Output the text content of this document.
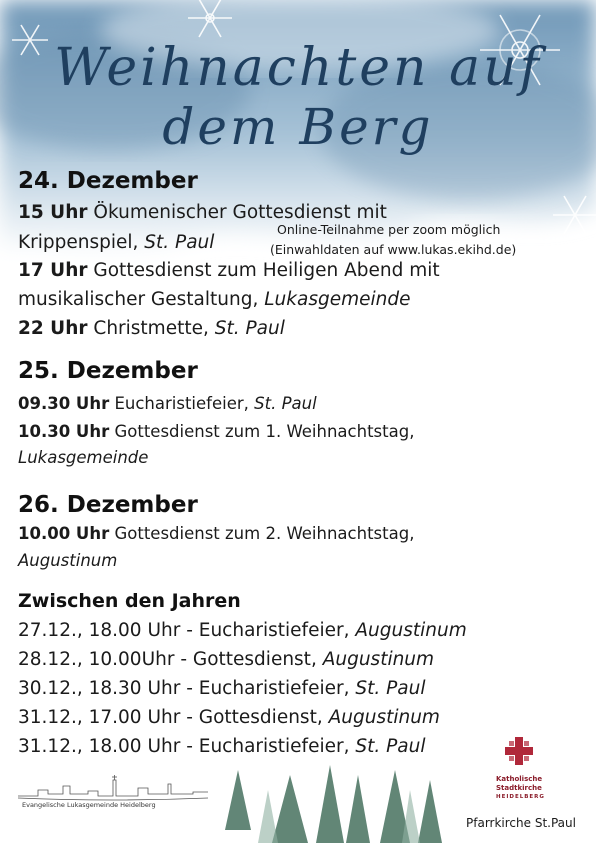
Weihnachten auf
dem Berg
24. Dezember

15 Uhr Ökumenischer Gottesdienst mit

Krippenspiel, St. Paul

Online-Teilnahme per zoom möglich
(Einwahldaten auf www.lukas.ekihd.de)

17 Uhr Gottesdienst zum Heiligen Abend mit

musikalischer Gestaltung, Lukasgemeinde

22 Uhr Christmette, St. Paul

25. Dezember

09.30 Uhr Eucharistiefeier, St. Paul

10.30 Uhr Gottesdienst zum 1. Weihnachtstag,

Lukasgemeinde

26. Dezember

10.00 Uhr Gottesdienst zum 2. Weihnachtstag,

Augustinum

Zwischen den Jahren

27.12., 18.00 Uhr - Eucharistiefeier, Augustinum

28.12., 10.00Uhr - Gottesdienst, Augustinum

30.12., 18.30 Uhr - Eucharistiefeier, St. Paul

31.12., 17.00 Uhr - Gottesdienst, Augustinum

31.12., 18.00 Uhr - Eucharistiefeier, St. Paul

Evangelische Lukasgemeinde Heidelberg
Katholische
Stadtkirche
HEIDELBERG
Pfarrkirche St.Paul
